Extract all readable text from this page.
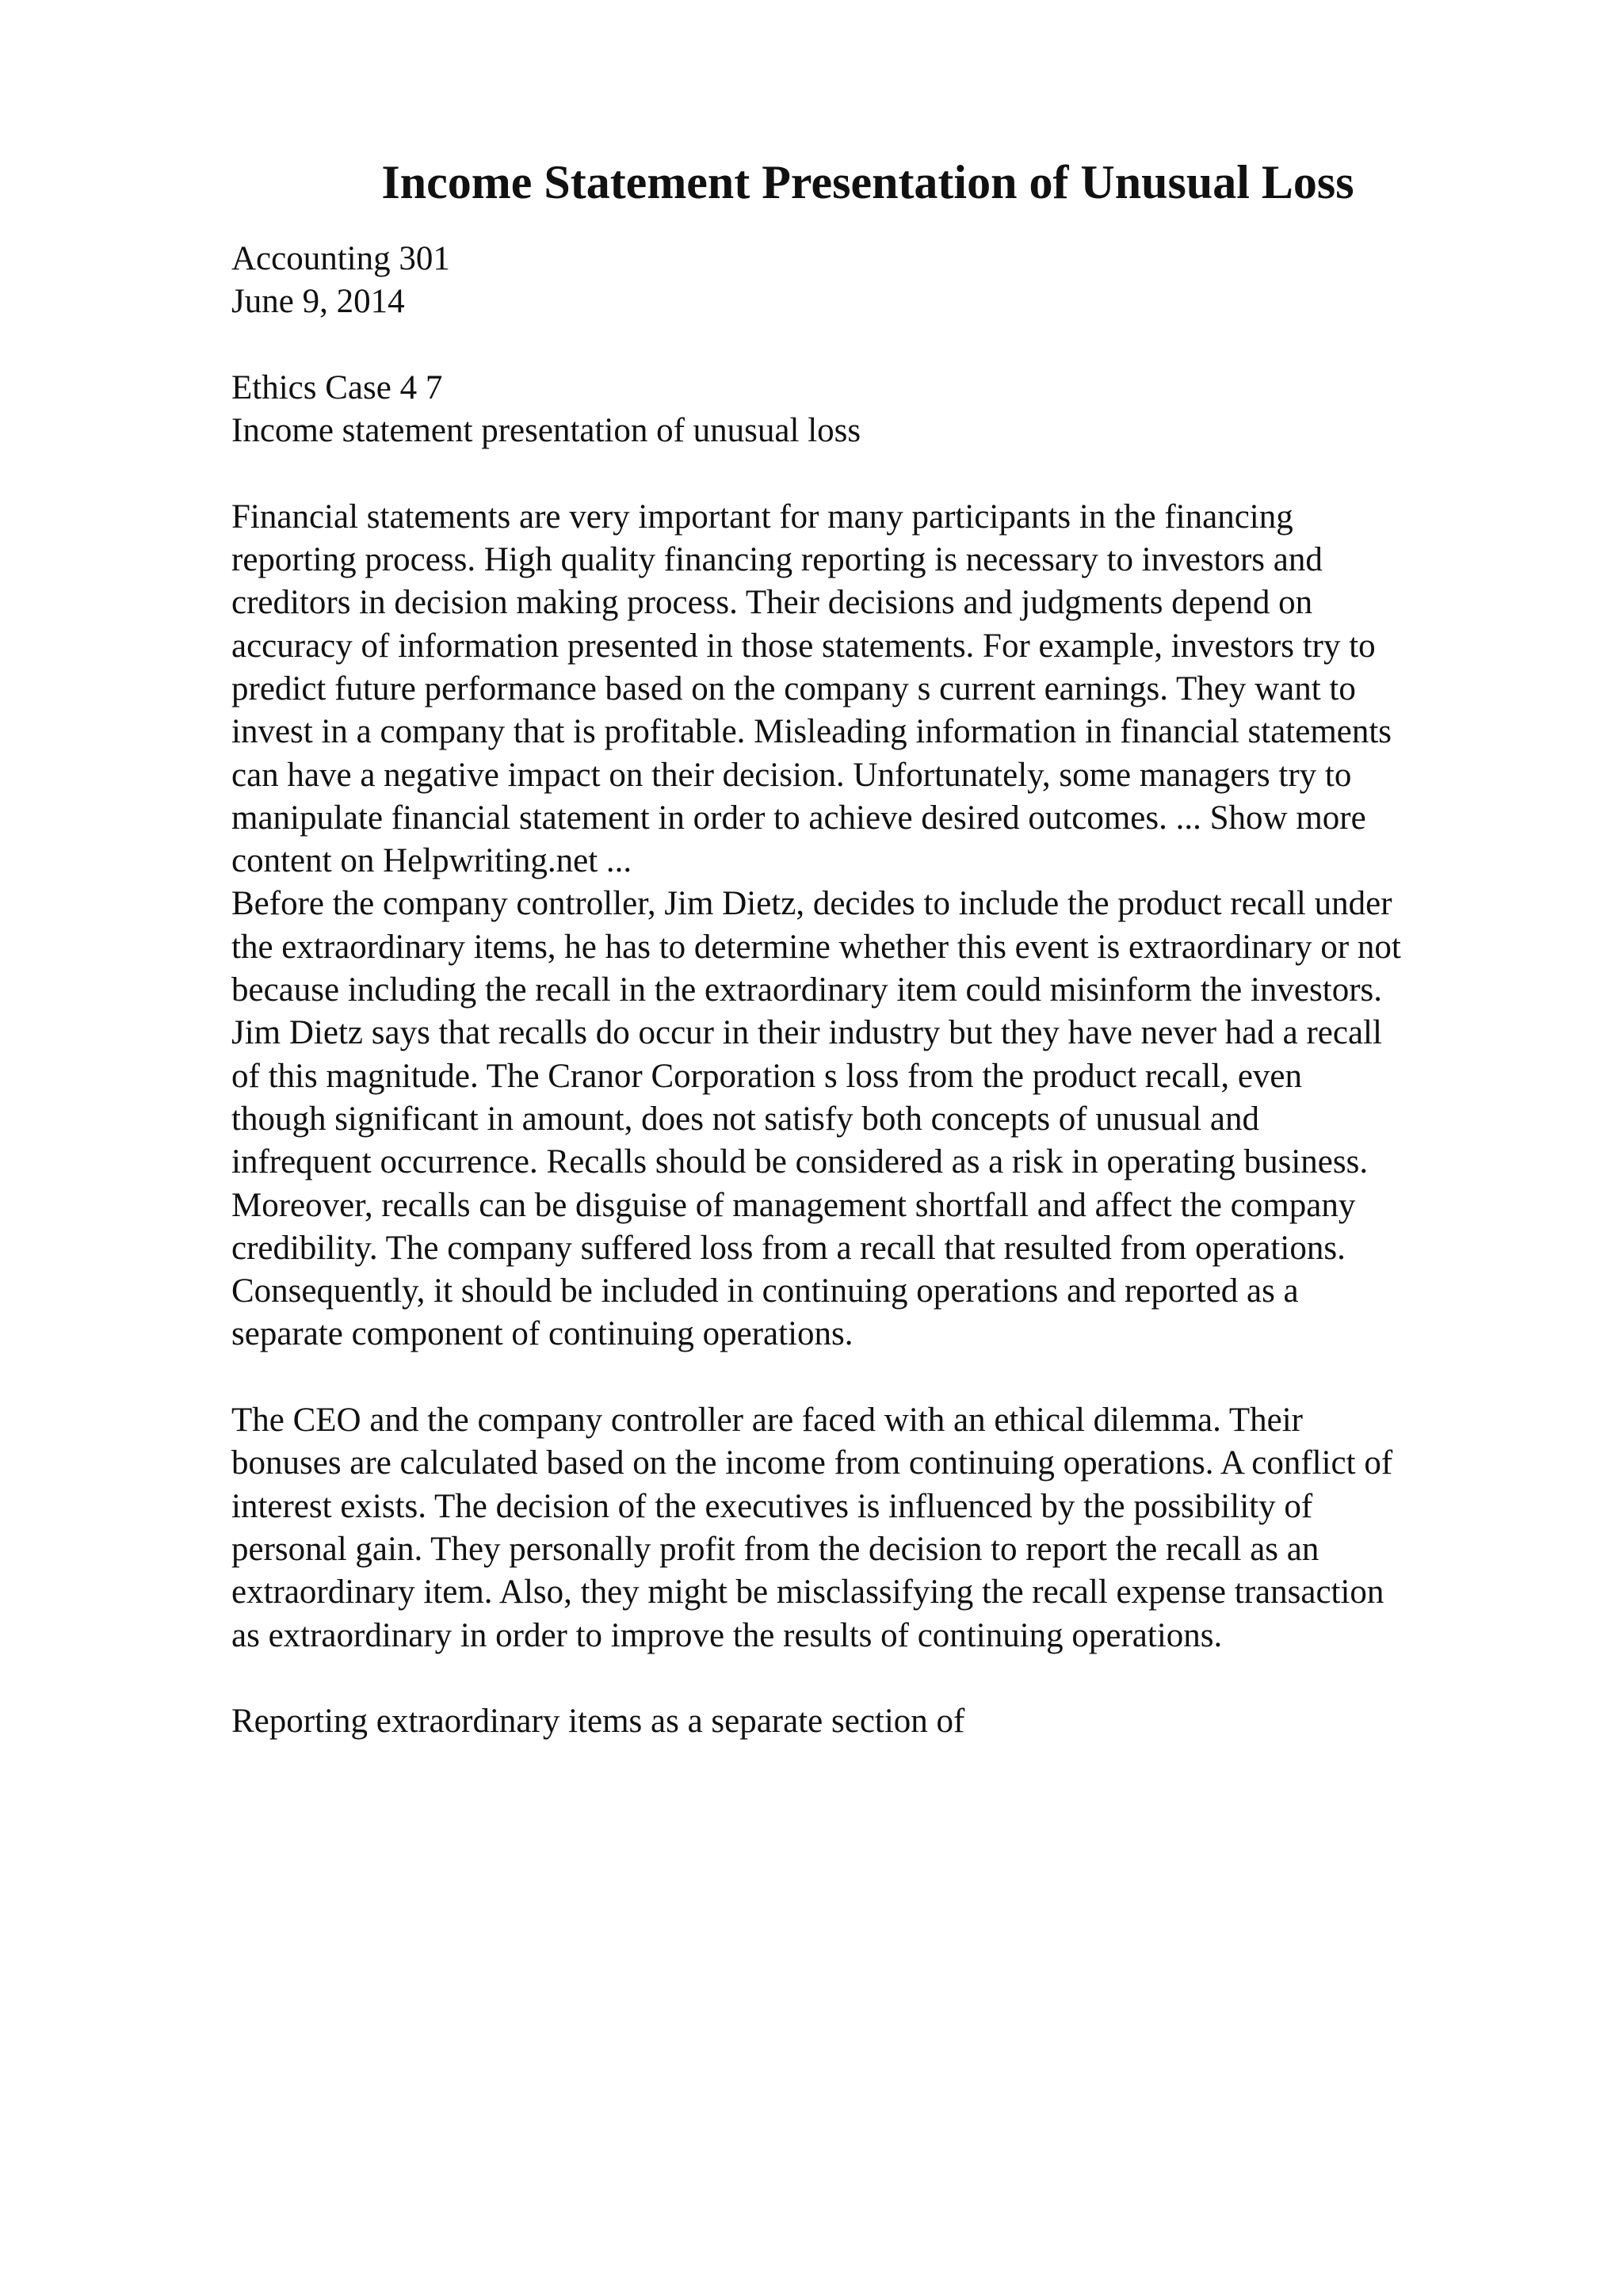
Income Statement Presentation of Unusual Loss
Accounting 301
June 9, 2014
Ethics Case 4 7
Income statement presentation of unusual loss
Financial statements are very important for many participants in the financing
reporting process. High quality financing reporting is necessary to investors and
creditors in decision making process. Their decisions and judgments depend on
accuracy of information presented in those statements. For example, investors try to
predict future performance based on the company s current earnings. They want to
invest in a company that is profitable. Misleading information in financial statements
can have a negative impact on their decision. Unfortunately, some managers try to
manipulate financial statement in order to achieve desired outcomes. ... Show more
content on Helpwriting.net ...
Before the company controller, Jim Dietz, decides to include the product recall under
the extraordinary items, he has to determine whether this event is extraordinary or not
because including the recall in the extraordinary item could misinform the investors.
Jim Dietz says that recalls do occur in their industry but they have never had a recall
of this magnitude. The Cranor Corporation s loss from the product recall, even
though significant in amount, does not satisfy both concepts of unusual and
infrequent occurrence. Recalls should be considered as a risk in operating business.
Moreover, recalls can be disguise of management shortfall and affect the company
credibility. The company suffered loss from a recall that resulted from operations.
Consequently, it should be included in continuing operations and reported as a
separate component of continuing operations.
The CEO and the company controller are faced with an ethical dilemma. Their
bonuses are calculated based on the income from continuing operations. A conflict of
interest exists. The decision of the executives is influenced by the possibility of
personal gain. They personally profit from the decision to report the recall as an
extraordinary item. Also, they might be misclassifying the recall expense transaction
as extraordinary in order to improve the results of continuing operations.
Reporting extraordinary items as a separate section of
